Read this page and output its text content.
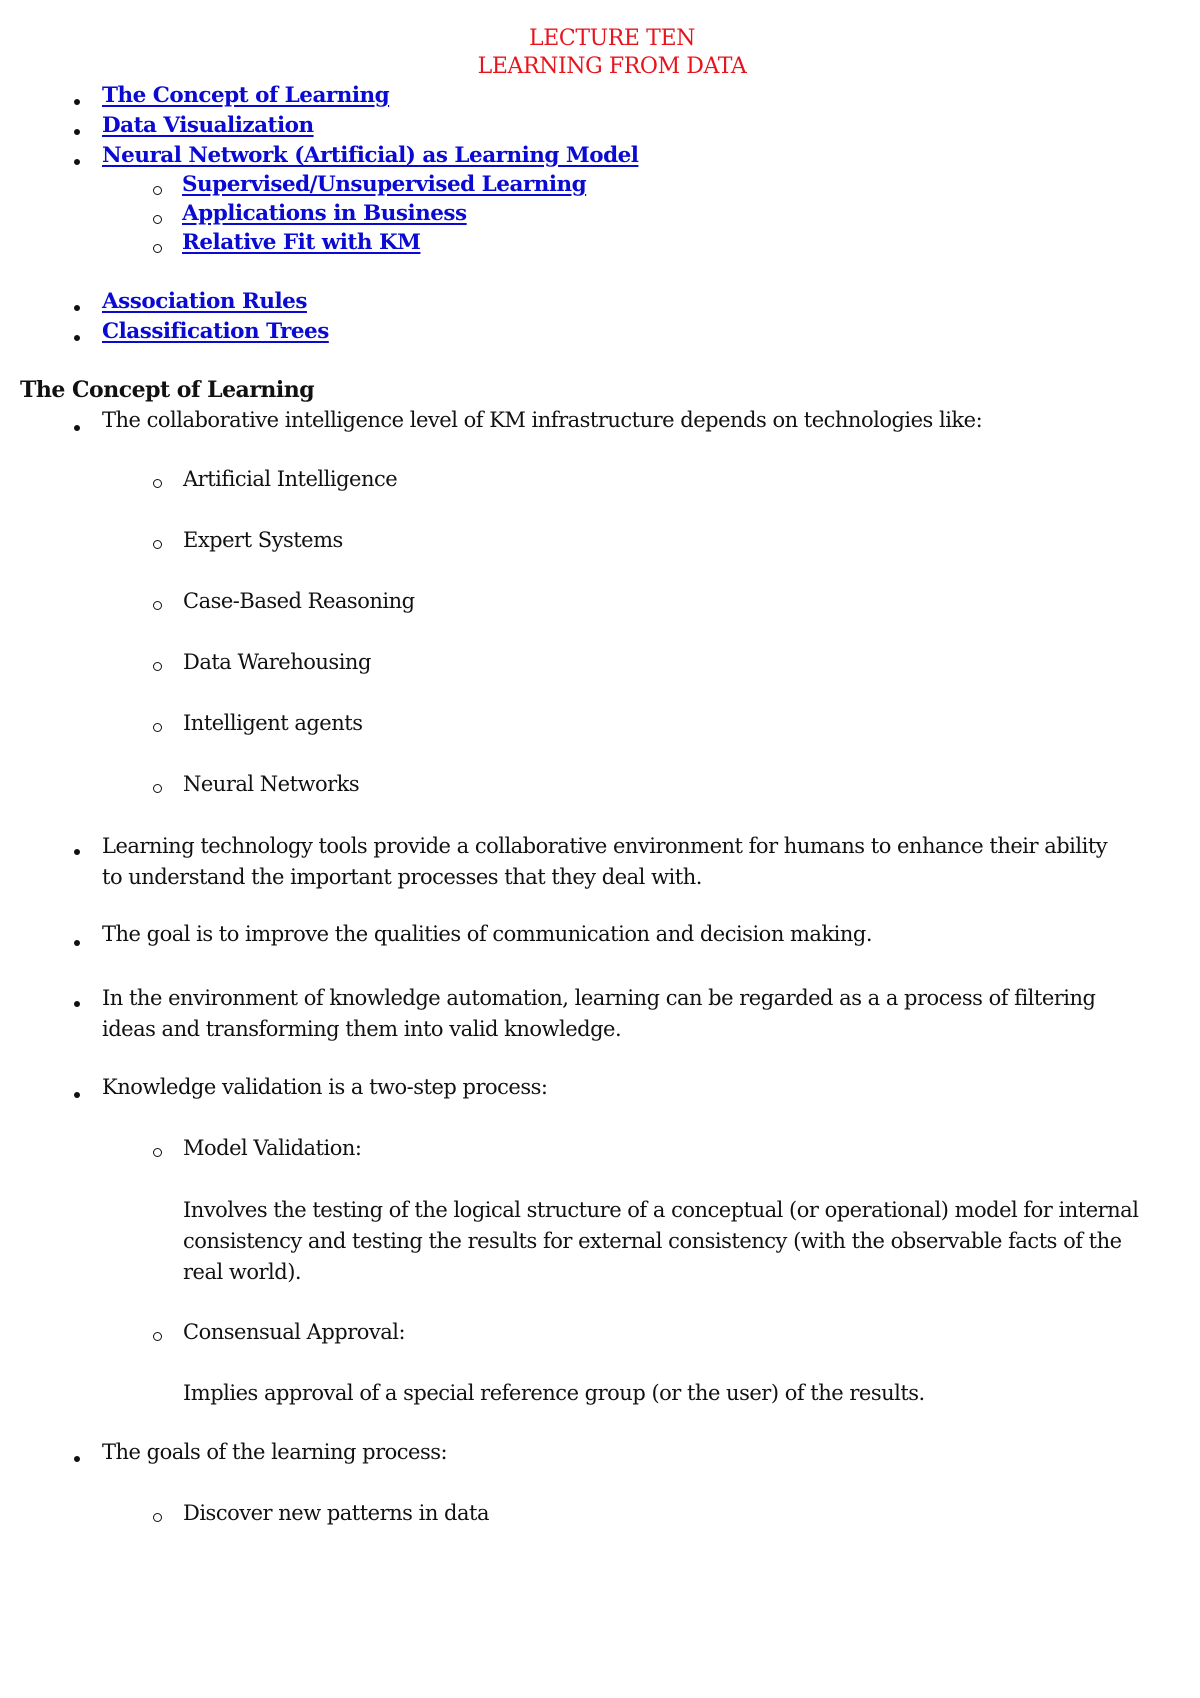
LECTURE TEN
LEARNING FROM DATA
The Concept of Learning
Data Visualization
Neural Network (Artificial) as Learning Model
Supervised/Unsupervised Learning
Applications in Business
Relative Fit with KM
Association Rules
Classification Trees
The Concept of Learning
The collaborative intelligence level of KM infrastructure depends on technologies like:
Artificial Intelligence
Expert Systems
Case-Based Reasoning
Data Warehousing
Intelligent agents
Neural Networks
Learning technology tools provide a collaborative environment for humans to enhance their ability to understand the important processes that they deal with.
The goal is to improve the qualities of communication and decision making.
In the environment of knowledge automation, learning can be regarded as a a process of filtering ideas and transforming them into valid knowledge.
Knowledge validation is a two-step process:
Model Validation:
Involves the testing of the logical structure of a conceptual (or operational) model for internal consistency and testing the results for external consistency (with the observable facts of the real world).
Consensual Approval:
Implies approval of a special reference group (or the user) of the results.
The goals of the learning process:
Discover new patterns in data
